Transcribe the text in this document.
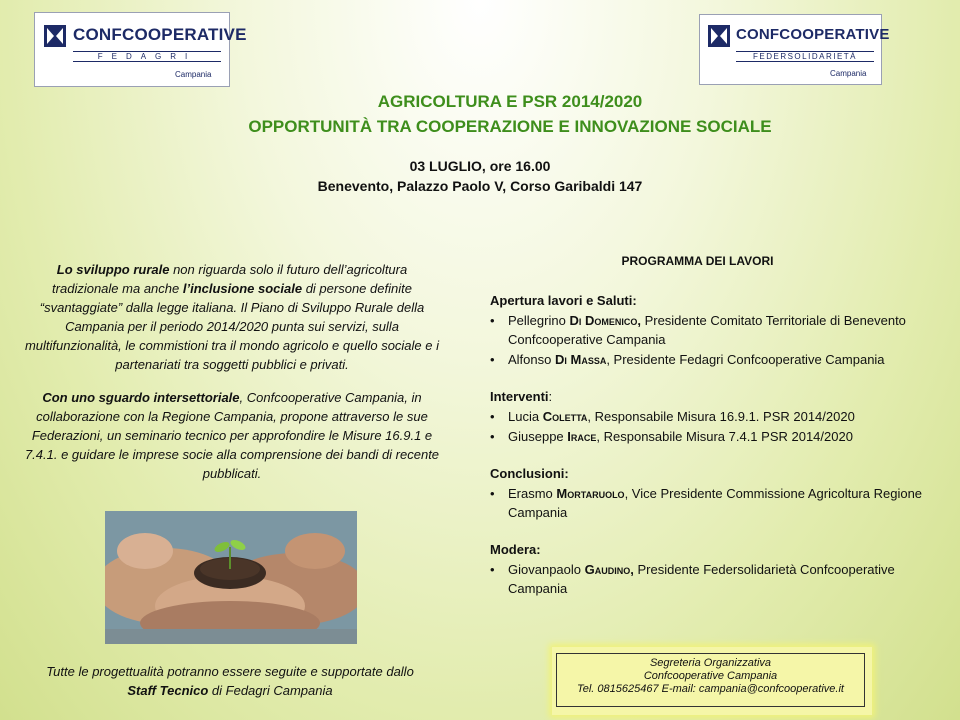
CONFCOOPERATIVE
FEDAGRI
Campania
CONFCOOPERATIVE
FEDERSOLIDARIETÀ
Campania
AGRICOLTURA E PSR 2014/2020
OPPORTUNITÀ TRA COOPERAZIONE E INNOVAZIONE SOCIALE
03 LUGLIO, ore 16.00
Benevento, Palazzo Paolo V, Corso Garibaldi 147

Lo sviluppo rurale non riguarda solo il futuro dell’agricoltura tradizionale ma anche l’inclusione sociale di persone definite “svantaggiate” dalla legge italiana. Il Piano di Sviluppo Rurale della Campania per il periodo 2014/2020 punta sui servizi, sulla multifunzionalità, le commistioni tra il mondo agricolo e quello sociale e i partenariati tra soggetti pubblici e privati.

Con uno sguardo intersettoriale, Confcooperative Campania, in collaborazione con la Regione Campania, propone attraverso le sue Federazioni, un seminario tecnico per approfondire le Misure 16.9.1 e 7.4.1. e guidare le imprese socie alla comprensione dei bandi di recente pubblicati.

Tutte le progettualità potranno essere seguite e supportate dallo Staff Tecnico di Fedagri Campania
PROGRAMMA DEI LAVORI
Apertura lavori e Saluti:
• Pellegrino Di Domenico, Presidente Comitato Territoriale di Benevento Confcooperative Campania
• Alfonso Di Massa, Presidente Fedagri Confcooperative Campania
Interventi:
• Lucia Coletta, Responsabile Misura 16.9.1. PSR 2014/2020
• Giuseppe Irace, Responsabile Misura 7.4.1 PSR 2014/2020
Conclusioni:
• Erasmo Mortaruolo, Vice Presidente Commissione Agricoltura Regione Campania
Modera:
• Giovanpaolo Gaudino, Presidente Federsolidarietà Confcooperative Campania
Segreteria Organizzativa
Confcooperative Campania
Tel. 0815625467 E-mail: campania@confcooperative.it
